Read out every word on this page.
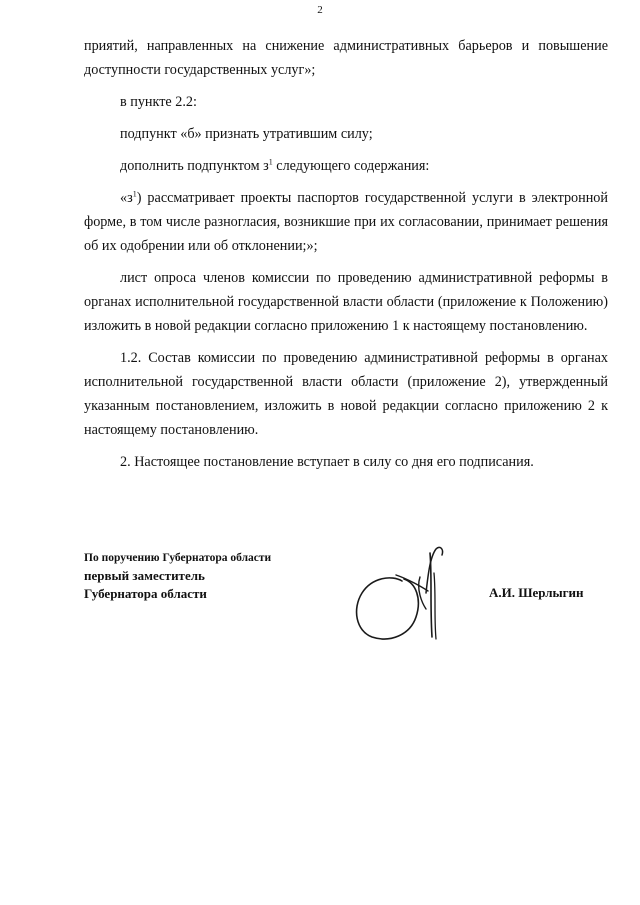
2

приятий, направленных на снижение административных барьеров и повышение доступности государственных услуг»;

в пункте 2.2:

подпункт «б» признать утратившим силу;

дополнить подпунктом $з^1$ следующего содержания:

«$з^1$) рассматривает проекты паспортов государственной услуги в электронной форме, в том числе разногласия, возникшие при их согласовании, принимает решения об их одобрении или об отклонении;»;

лист опроса членов комиссии по проведению административной реформы в органах исполнительной государственной власти области (приложение к Положению) изложить в новой редакции согласно приложению 1 к настоящему постановлению.

1.2. Состав комиссии по проведению административной реформы в органах исполнительной государственной власти области (приложение 2), утвержденный указанным постановлением, изложить в новой редакции согласно приложению 2 к настоящему постановлению.

2. Настоящее постановление вступает в силу со дня его подписания.

По поручению Губернатора области
первый заместитель
Губернатора области	А.И. Шерлыгин
